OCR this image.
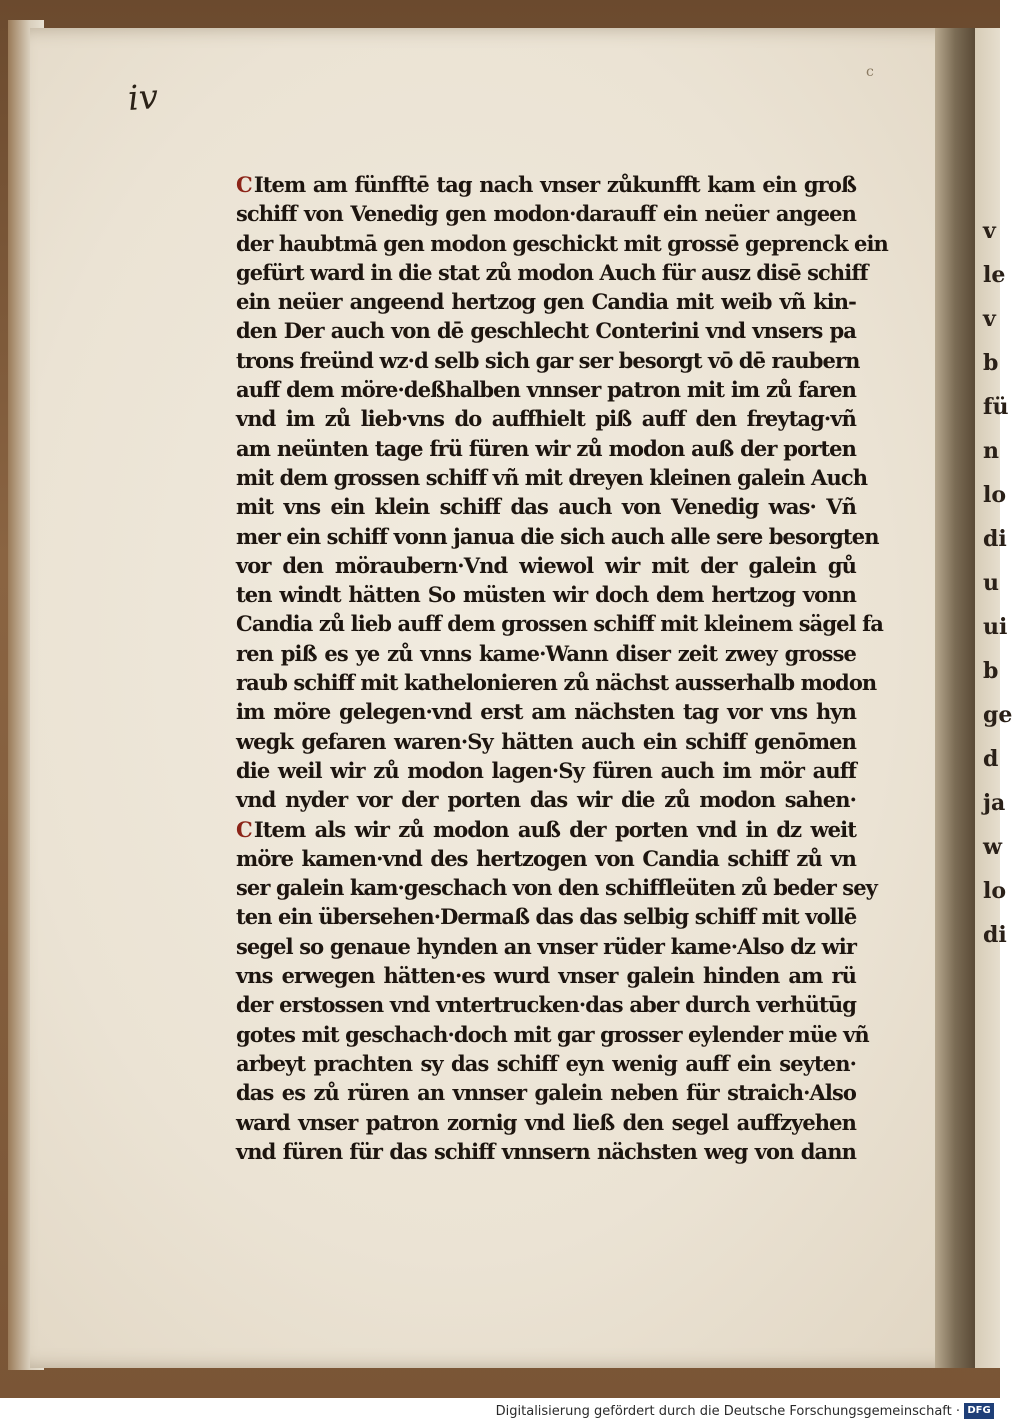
v
le
v
b
fü
n
lo
di
u
ui
b
ge
d
ja
w
lo
di
iv
c
CItem am fünfftē tag nach vnser zůkunfft kam ein groß
schiff von Venedig gen modon·darauff ein neüer angeen
der haubtmā gen modon geschickt mit grossē geprenck ein
gefürt ward in die stat zů modon Auch für ausz disē schiff
ein neüer angeend hertzog gen Candia mit weib vñ kin-
den Der auch von dē geschlecht Conterini vnd vnsers pa
trons freünd wz·d selb sich gar ser besorgt vō dē raubern
auff dem möre·deßhalben vnnser patron mit im zů faren
vnd im zů lieb·vns do auffhielt piß auff den freytag·vñ
am neünten tage frü füren wir zů modon auß der porten
mit dem grossen schiff vñ mit dreyen kleinen galein Auch
mit vns ein klein schiff das auch von Venedig was· Vñ
mer ein schiff vonn janua die sich auch alle sere besorgten
vor den möraubern·Vnd wiewol wir mit der galein gů
ten windt hätten So müsten wir doch dem hertzog vonn
Candia zů lieb auff dem grossen schiff mit kleinem sägel fa
ren piß es ye zů vnns kame·Wann diser zeit zwey grosse
raub schiff mit kathelonieren zů nächst ausserhalb modon
im möre gelegen·vnd erst am nächsten tag vor vns hyn
wegk gefaren waren·Sy hätten auch ein schiff genōmen
die weil wir zů modon lagen·Sy füren auch im mör auff
vnd nyder vor der porten das wir die zů modon sahen·
CItem als wir zů modon auß der porten vnd in dz weit
möre kamen·vnd des hertzogen von Candia schiff zů vn
ser galein kam·geschach von den schiffleüten zů beder sey
ten ein übersehen·Dermaß das das selbig schiff mit vollē
segel so genaue hynden an vnser rüder kame·Also dz wir
vns erwegen hätten·es wurd vnser galein hinden am rü
der erstossen vnd vntertrucken·das aber durch verhütūg
gotes mit geschach·doch mit gar grosser eylender müe vñ
arbeyt prachten sy das schiff eyn wenig auff ein seyten·
das es zů rüren an vnnser galein neben für straich·Also
ward vnser patron zornig vnd ließ den segel auffzyehen
vnd füren für das schiff vnnsern nächsten weg von dann
Digitalisierung gefördert durch die Deutsche Forschungsgemeinschaft · DFG
